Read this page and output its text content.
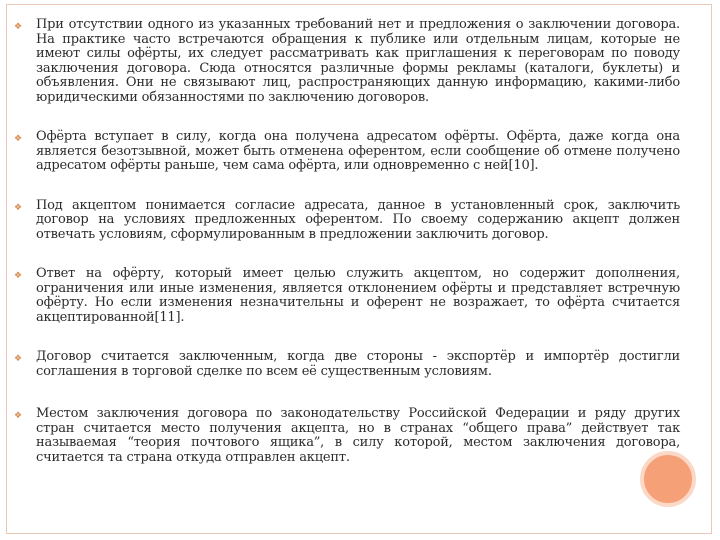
❖	При отсутствии одного из указанных требований нет и предложения о заключении договора. На практике часто встречаются обращения к публике или отдельным лицам, которые не имеют силы офёрты, их следует рассматривать как приглашения к переговорам по поводу заключения договора. Сюда относятся различные формы рекламы (каталоги, буклеты) и объявления. Они не связывают лиц, распространяющих данную информацию, какими-либо юридическими обязанностями по заключению договоров.
❖	Офёрта вступает в силу, когда она получена адресатом офёрты. Офёрта, даже когда она является безотзывной, может быть отменена оферентом, если сообщение об отмене получено адресатом офёрты раньше, чем сама офёрта, или одновременно с ней[10].
❖	Под акцептом понимается согласие адресата, данное в установленный срок, заключить договор на условиях предложенных оферентом. По своему содержанию акцепт должен отвечать условиям, сформулированным в предложении заключить договор.
❖	Ответ на офёрту, который имеет целью служить акцептом, но содержит дополнения, ограничения или иные изменения, является отклонением офёрты и представляет встречную офёрту. Но если изменения незначительны и оферент не возражает, то офёрта считается акцептированной[11].
❖	Договор считается заключенным, когда две стороны - экспортёр и импортёр достигли соглашения в торговой сделке по всем её существенным условиям.
❖	Местом заключения договора по законодательству Российской Федерации и ряду других стран считается место получения акцепта, но в странах “общего права” действует так называемая “теория почтового ящика”, в силу которой, местом заключения договора, считается та страна откуда отправлен акцепт.
